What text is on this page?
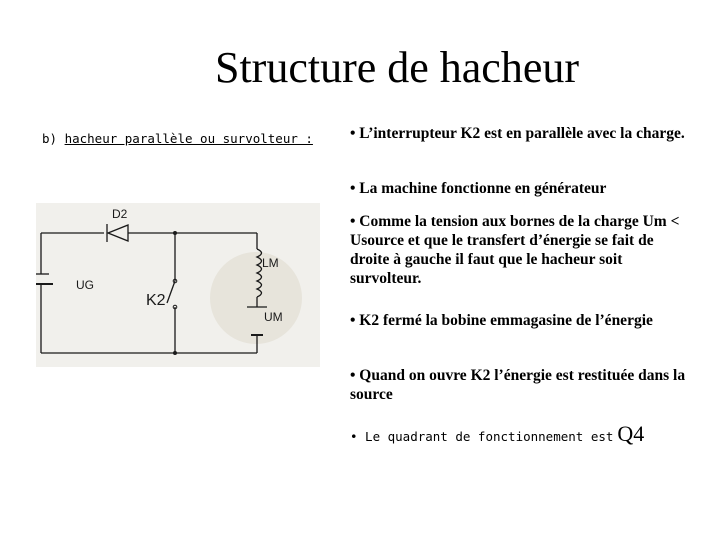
Structure de hacheur
b) hacheur parallèle ou survolteur :
UG
D2
K2
LM
UM

• L’interrupteur K2 est en parallèle avec la charge.

• La machine fonctionne en générateur

• Comme la tension aux bornes de la charge Um < Usource et que le transfert d’énergie se fait de droite à gauche il faut que le hacheur soit survolteur.

• K2 fermé la bobine emmagasine de l’énergie

• Quand on ouvre K2 l’énergie est restituée dans la source

• Le quadrant de fonctionnement est Q4
